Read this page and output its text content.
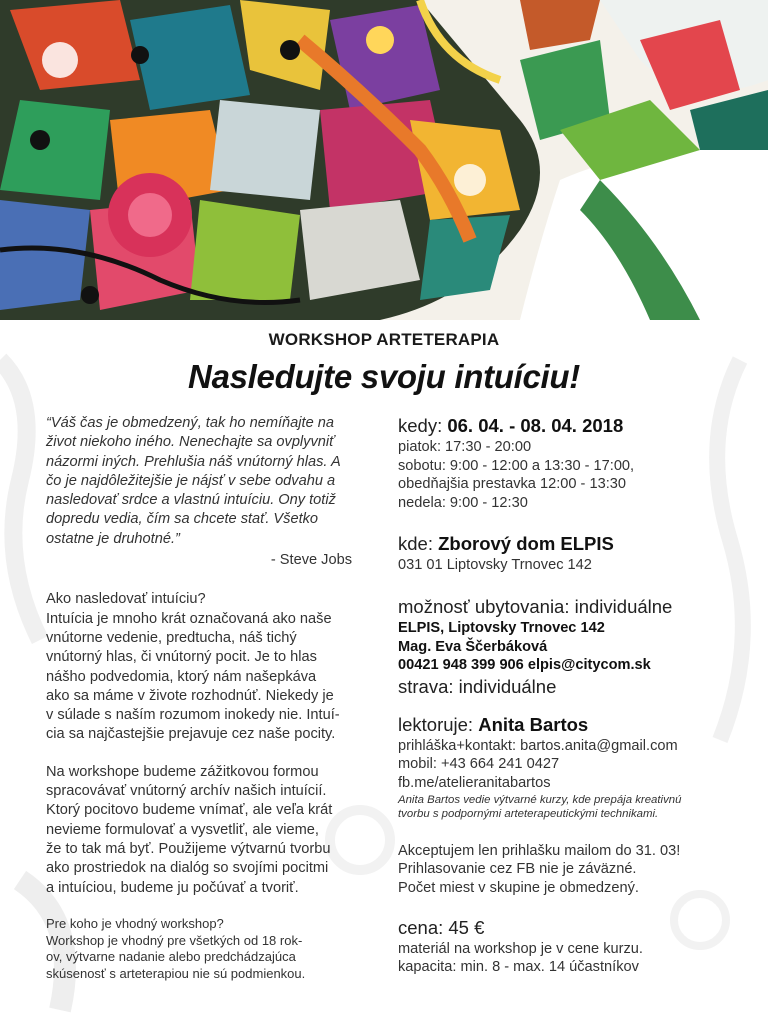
WORKSHOP ARTETERAPIA
Nasledujte svoju intuíciu!
“Váš čas je obmedzený, tak ho nemíňajte na
život niekoho iného. Nenechajte sa ovplyvniť
názormi iných. Prehlušia náš vnútorný hlas. A
čo je najdôležitejšie je nájsť v sebe odvahu a
nasledovať srdce a vlastnú intuíciu. Ony totiž
dopredu vedia, čím sa chcete stať. Všetko
ostatne je druhotné.”
- Steve Jobs
Ako nasledovať intuíciu?
Intuícia je mnoho krát označovaná ako naše
vnútorne vedenie, predtucha, náš tichý
vnútorný hlas, či vnútorný pocit. Je to hlas
nášho podvedomia, ktorý nám našepkáva
ako sa máme v živote rozhodnúť. Niekedy je
v súlade s naším rozumom inokedy nie. Intuí-
cia sa najčastejšie prejavuje cez naše pocity.
Na workshope budeme zážitkovou formou
spracovávať vnútorný archív našich intuícií.
Ktorý pocitovo budeme vnímať, ale veľa krát
nevieme formulovať a vysvetliť, ale vieme,
že to tak má byť. Použijeme výtvarnú tvorbu
ako prostriedok na dialóg so svojími pocitmi
a intuíciou, budeme ju počúvať a tvoriť.
Pre koho je vhodný workshop?
Workshop je vhodný pre všetkých od 18 rok-
ov, výtvarne nadanie alebo predchádzajúca
skúsenosť s arteterapiou nie sú podmienkou.
kedy: 06. 04. - 08. 04. 2018
piatok: 17:30 - 20:00
sobotu: 9:00 - 12:00 a 13:30 - 17:00,
obedňajšia prestavka 12:00 - 13:30
nedela: 9:00 - 12:30
kde: Zborový dom ELPIS
031 01 Liptovsky Trnovec 142
možnosť ubytovania: individuálne
ELPIS, Liptovsky Trnovec 142
Mag. Eva Ščerbáková
00421 948 399 906 elpis@citycom.sk
strava: individuálne
lektoruje: Anita Bartos
prihláška+kontakt: bartos.anita@gmail.com
mobil: +43 664 241 0427
fb.me/atelieranitabartos
Anita Bartos vedie výtvarné kurzy, kde prepája kreativnú
tvorbu s podpornými arteterapeutickými technikami.
Akceptujem len prihlašku mailom do 31. 03!
Prihlasovanie cez FB nie je záväzné.
Počet miest v skupine je obmedzený.
cena: 45 €
materiál na workshop je v cene kurzu.
kapacita: min. 8 - max. 14 účastníkov
